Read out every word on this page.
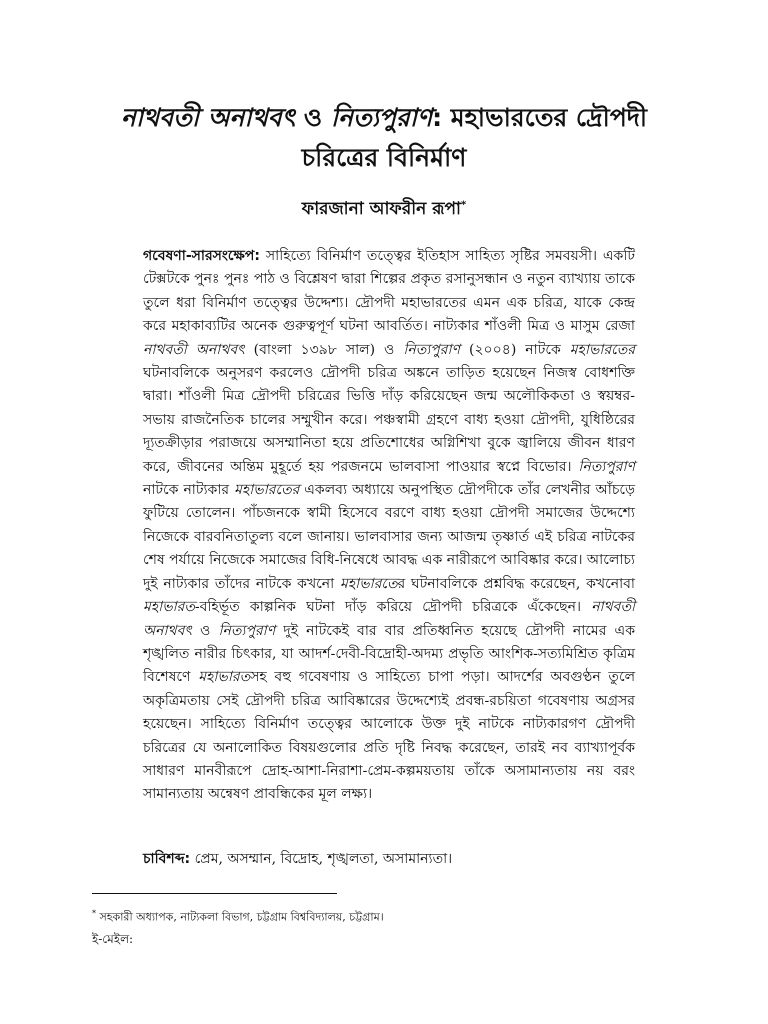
নাথবতী অনাথবৎ ও নিত্যপুরাণ: মহাভারতের দ্রৌপদী চরিত্রের বিনির্মাণ

ফারজানা আফরীন রূপা*

গবেষণা-সারসংক্ষেপ: সাহিত্যে বিনির্মাণ তত্ত্বের ইতিহাস সাহিত্য সৃষ্টির সমবয়সী। একটি টেক্সটকে পুনঃ পুনঃ পাঠ ও বিশ্লেষণ দ্বারা শিল্পের প্রকৃত রসানুসন্ধান ও নতুন ব্যাখ্যায় তাকে তুলে ধরা বিনির্মাণ তত্ত্বের উদ্দেশ্য। দ্রৌপদী মহাভারতের এমন এক চরিত্র, যাকে কেন্দ্র করে মহাকাব্যটির অনেক গুরুত্বপূর্ণ ঘটনা আবর্তিত। নাট্যকার শাঁওলী মিত্র ও মাসুম রেজা নাথবতী অনাথবৎ (বাংলা ১৩৯৮ সাল) ও নিত্যপুরাণ (২০০৪) নাটকে মহাভারতের ঘটনাবলিকে অনুসরণ করলেও দ্রৌপদী চরিত্র অঙ্কনে তাড়িত হয়েছেন নিজস্ব বোধশক্তি দ্বারা। শাঁওলী মিত্র দ্রৌপদী চরিত্রের ভিত্তি দাঁড় করিয়েছেন জন্ম অলৌকিকতা ও স্বয়ম্বর-সভায় রাজনৈতিক চালের সম্মুখীন করে। পঞ্চস্বামী গ্রহণে বাধ্য হওয়া দ্রৌপদী, যুধিষ্ঠিরের দ্যূতক্রীড়ার পরাজয়ে অসম্মানিতা হয়ে প্রতিশোধের অগ্নিশিখা বুকে জ্বালিয়ে জীবন ধারণ করে, জীবনের অন্তিম মুহূর্তে হয় পরজনমে ভালবাসা পাওয়ার স্বপ্নে বিভোর। নিত্যপুরাণ নাটকে নাট্যকার মহাভারতের একলব্য অধ্যায়ে অনুপস্থিত দ্রৌপদীকে তাঁর লেখনীর আঁচড়ে ফুটিয়ে তোলেন। পাঁচজনকে স্বামী হিসেবে বরণে বাধ্য হওয়া দ্রৌপদী সমাজের উদ্দেশ্যে নিজেকে বারবনিতাতুল্য বলে জানায়। ভালবাসার জন্য আজন্ম তৃষ্ণার্ত এই চরিত্র নাটকের শেষ পর্যায়ে নিজেকে সমাজের বিধি-নিষেধে আবদ্ধ এক নারীরূপে আবিষ্কার করে। আলোচ্য দুই নাট্যকার তাঁদের নাটকে কখনো মহাভারতের ঘটনাবলিকে প্রশ্নবিদ্ধ করেছেন, কখনোবা মহাভারত-বহির্ভূত কাল্পনিক ঘটনা দাঁড় করিয়ে দ্রৌপদী চরিত্রকে এঁকেছেন। নাথবতী অনাথবৎ ও নিত্যপুরাণ দুই নাটকেই বার বার প্রতিধ্বনিত হয়েছে দ্রৌপদী নামের এক শৃঙ্খলিত নারীর চিৎকার, যা আদর্শ-দেবী-বিদ্রোহী-অদম্য প্রভৃতি আংশিক-সত্যমিশ্রিত কৃত্রিম বিশেষণে মহাভারতসহ বহু গবেষণায় ও সাহিত্যে চাপা পড়া। আদর্শের অবগুণ্ঠন তুলে অকৃত্রিমতায় সেই দ্রৌপদী চরিত্র আবিষ্কারের উদ্দেশ্যেই প্রবন্ধ-রচয়িতা গবেষণায় অগ্রসর হয়েছেন। সাহিত্যে বিনির্মাণ তত্ত্বের আলোকে উক্ত দুই নাটকে নাট্যকারগণ দ্রৌপদী চরিত্রের যে অনালোকিত বিষয়গুলোর প্রতি দৃষ্টি নিবদ্ধ করেছেন, তারই নব ব্যাখ্যাপূর্বক সাধারণ মানবীরূপে দ্রোহ-আশা-নিরাশা-প্রেম-কল্পময়তায় তাঁকে অসামান্যতায় নয় বরং সামান্যতায় অন্বেষণ প্রাবন্ধিকের মূল লক্ষ্য।

চাবিশব্দ: প্রেম, অসম্মান, বিদ্রোহ, শৃঙ্খলতা, অসামান্যতা।

* সহকারী অধ্যাপক, নাট্যকলা বিভাগ, চট্টগ্রাম বিশ্ববিদ্যালয়, চট্টগ্রাম।
ই-মেইল:
